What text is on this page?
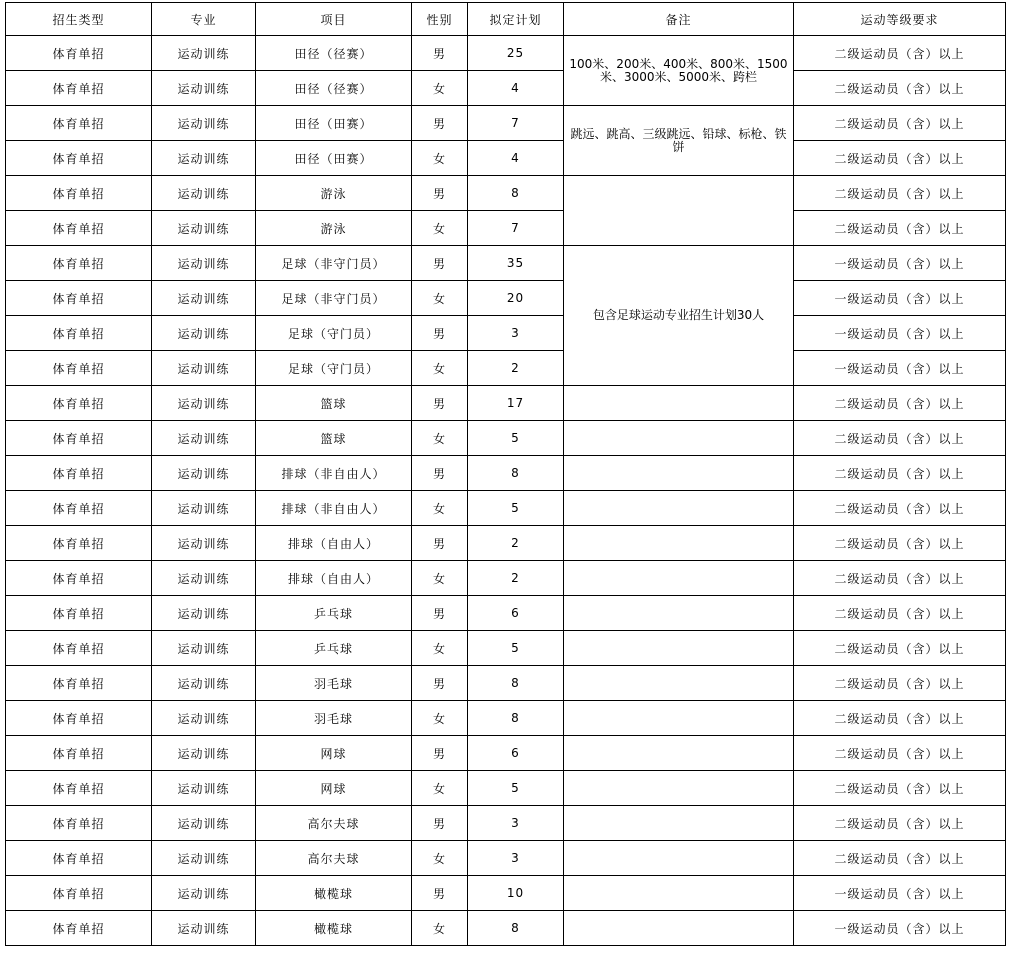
招生类型	专业	项目	性别	拟定计划	备注	运动等级要求
体育单招	运动训练	田径（径赛）	男	25	100米、200米、400米、800米、1500米、3000米、5000米、跨栏	二级运动员（含）以上
体育单招	运动训练	田径（径赛）	女	4		二级运动员（含）以上
体育单招	运动训练	田径（田赛）	男	7	跳远、跳高、三级跳远、铅球、标枪、铁饼	二级运动员（含）以上
体育单招	运动训练	田径（田赛）	女	4		二级运动员（含）以上
体育单招	运动训练	游泳	男	8		二级运动员（含）以上
体育单招	运动训练	游泳	女	7		二级运动员（含）以上
体育单招	运动训练	足球（非守门员）	男	35	包含足球运动专业招生计划30人	一级运动员（含）以上
体育单招	运动训练	足球（非守门员）	女	20		一级运动员（含）以上
体育单招	运动训练	足球（守门员）	男	3		一级运动员（含）以上
体育单招	运动训练	足球（守门员）	女	2		一级运动员（含）以上
体育单招	运动训练	篮球	男	17		二级运动员（含）以上
体育单招	运动训练	篮球	女	5		二级运动员（含）以上
体育单招	运动训练	排球（非自由人）	男	8		二级运动员（含）以上
体育单招	运动训练	排球（非自由人）	女	5		二级运动员（含）以上
体育单招	运动训练	排球（自由人）	男	2		二级运动员（含）以上
体育单招	运动训练	排球（自由人）	女	2		二级运动员（含）以上
体育单招	运动训练	乒乓球	男	6		二级运动员（含）以上
体育单招	运动训练	乒乓球	女	5		二级运动员（含）以上
体育单招	运动训练	羽毛球	男	8		二级运动员（含）以上
体育单招	运动训练	羽毛球	女	8		二级运动员（含）以上
体育单招	运动训练	网球	男	6		二级运动员（含）以上
体育单招	运动训练	网球	女	5		二级运动员（含）以上
体育单招	运动训练	高尔夫球	男	3		二级运动员（含）以上
体育单招	运动训练	高尔夫球	女	3		二级运动员（含）以上
体育单招	运动训练	橄榄球	男	10		一级运动员（含）以上
体育单招	运动训练	橄榄球	女	8		一级运动员（含）以上
